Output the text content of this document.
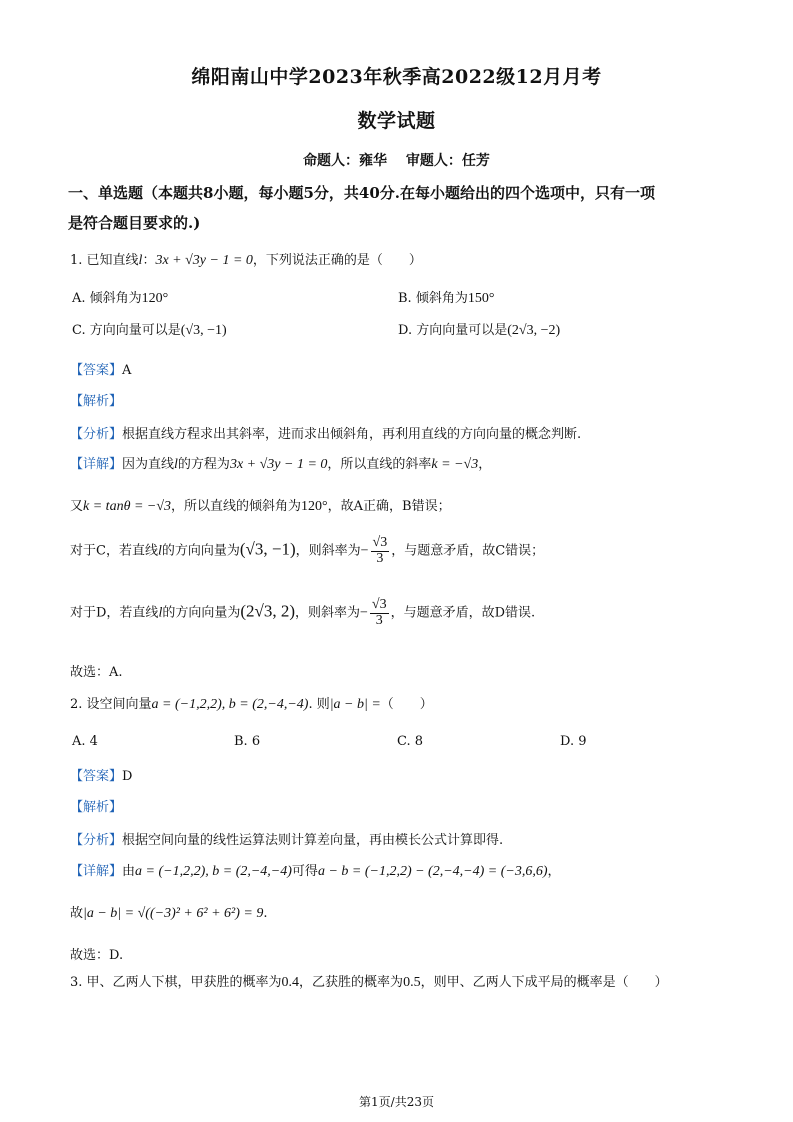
绵阳南山中学2023年秋季高2022级12月月考
数学试题
命题人：雍华　 审题人：任芳
一、单选题（本题共8小题，每小题5分，共40分.在每小题给出的四个选项中，只有一项
是符合题目要求的.)
1. 已知直线l：3x + √3y − 1 = 0，下列说法正确的是（　　）
A. 倾斜角为120°	B. 倾斜角为150°
C. 方向向量可以是(√3, −1)	D. 方向向量可以是(2√3, −2)
【答案】A
【解析】
【分析】根据直线方程求出其斜率，进而求出倾斜角，再利用直线的方向向量的概念判断.
【详解】因为直线l的方程为3x + √3y − 1 = 0，所以直线的斜率k = −√3，
又k = tanθ = −√3，所以直线的倾斜角为120°，故A正确，B错误；
对于C，若直线l的方向向量为(√3, −1)，则斜率为− $\frac{√3}{3}$ ，与题意矛盾，故C错误；
对于D，若直线l的方向向量为(2√3, 2)，则斜率为− $\frac{√3}{3}$ ，与题意矛盾，故D错误.
故选：A.
2. 设空间向量a = (−1,2,2), b = (2,−4,−4). 则|a − b| =（　　）
A. 4	B. 6	C. 8	D. 9
【答案】D
【解析】
【分析】根据空间向量的线性运算法则计算差向量，再由模长公式计算即得.
【详解】由a = (−1,2,2), b = (2,−4,−4)可得a − b = (−1,2,2) − (2,−4,−4) = (−3,6,6)，
故|a − b| = √((−3)² + 6² + 6²) = 9.
故选：D.
3. 甲、乙两人下棋，甲获胜的概率为0.4，乙获胜的概率为0.5，则甲、乙两人下成平局的概率是（　　）
第1页/共23页
